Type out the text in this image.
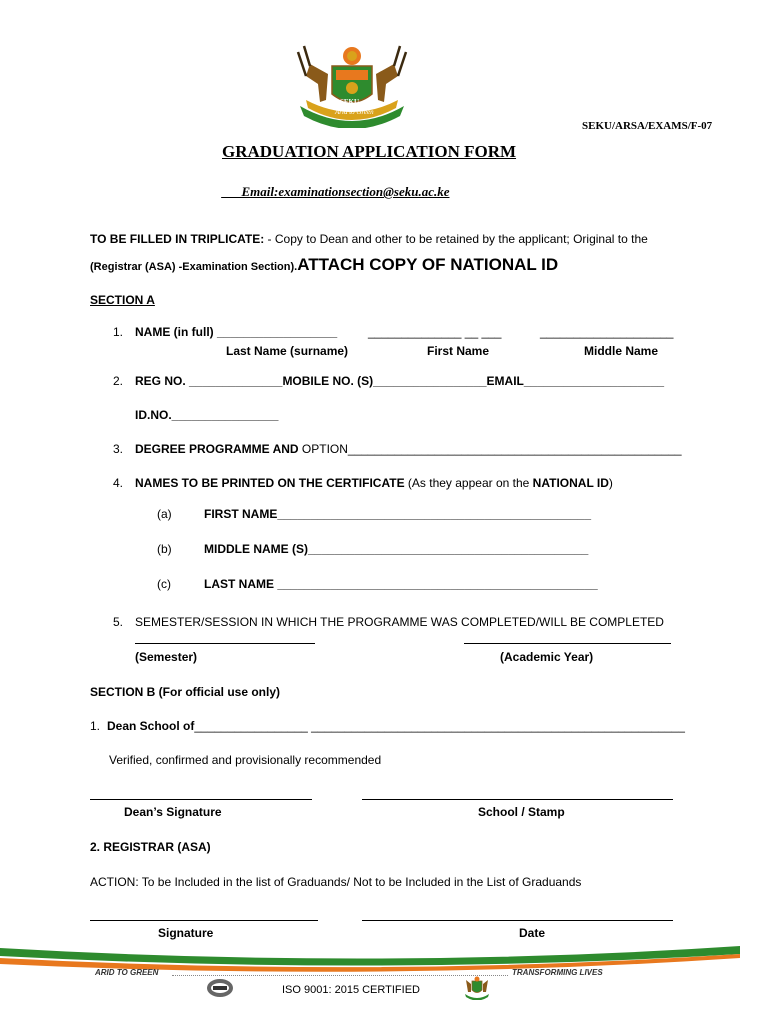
SEKU
Arid to Green
SEKU/ARSA/EXAMS/F-07
GRADUATION APPLICATION FORM
___Email:examinationsection@seku.ac.ke
TO BE FILLED IN TRIPLICATE: - Copy to Dean and other to be retained by the applicant; Original to the
(Registrar (ASA) -Examination Section).ATTACH COPY OF NATIONAL ID
SECTION A
1. NAME (in full) __________________	______________ __ ___	____________________
Last Name (surname)	First Name	Middle Name
2. REG NO. ______________MOBILE NO. (S)_________________EMAIL_____________________
ID.NO.________________
3. DEGREE PROGRAMME AND OPTION__________________________________________________
4. NAMES TO BE PRINTED ON THE CERTIFICATE (As they appear on the NATIONAL ID)
(a)	FIRST NAME_______________________________________________
(b)	MIDDLE NAME (S)__________________________________________
(c)	LAST NAME ________________________________________________
5. SEMESTER/SESSION IN WHICH THE PROGRAMME WAS COMPLETED/WILL BE COMPLETED
(Semester)	(Academic Year)
SECTION B (For official use only)
1. Dean School of_________________ ________________________________________________________
Verified, confirmed and provisionally recommended
Dean’s Signature	School / Stamp
2. REGISTRAR (ASA)
ACTION: To be Included in the list of Graduands/ Not to be Included in the List of Graduands
Signature	Date
ARID TO GREEN	TRANSFORMING LIVES
ISO 9001: 2015 CERTIFIED
